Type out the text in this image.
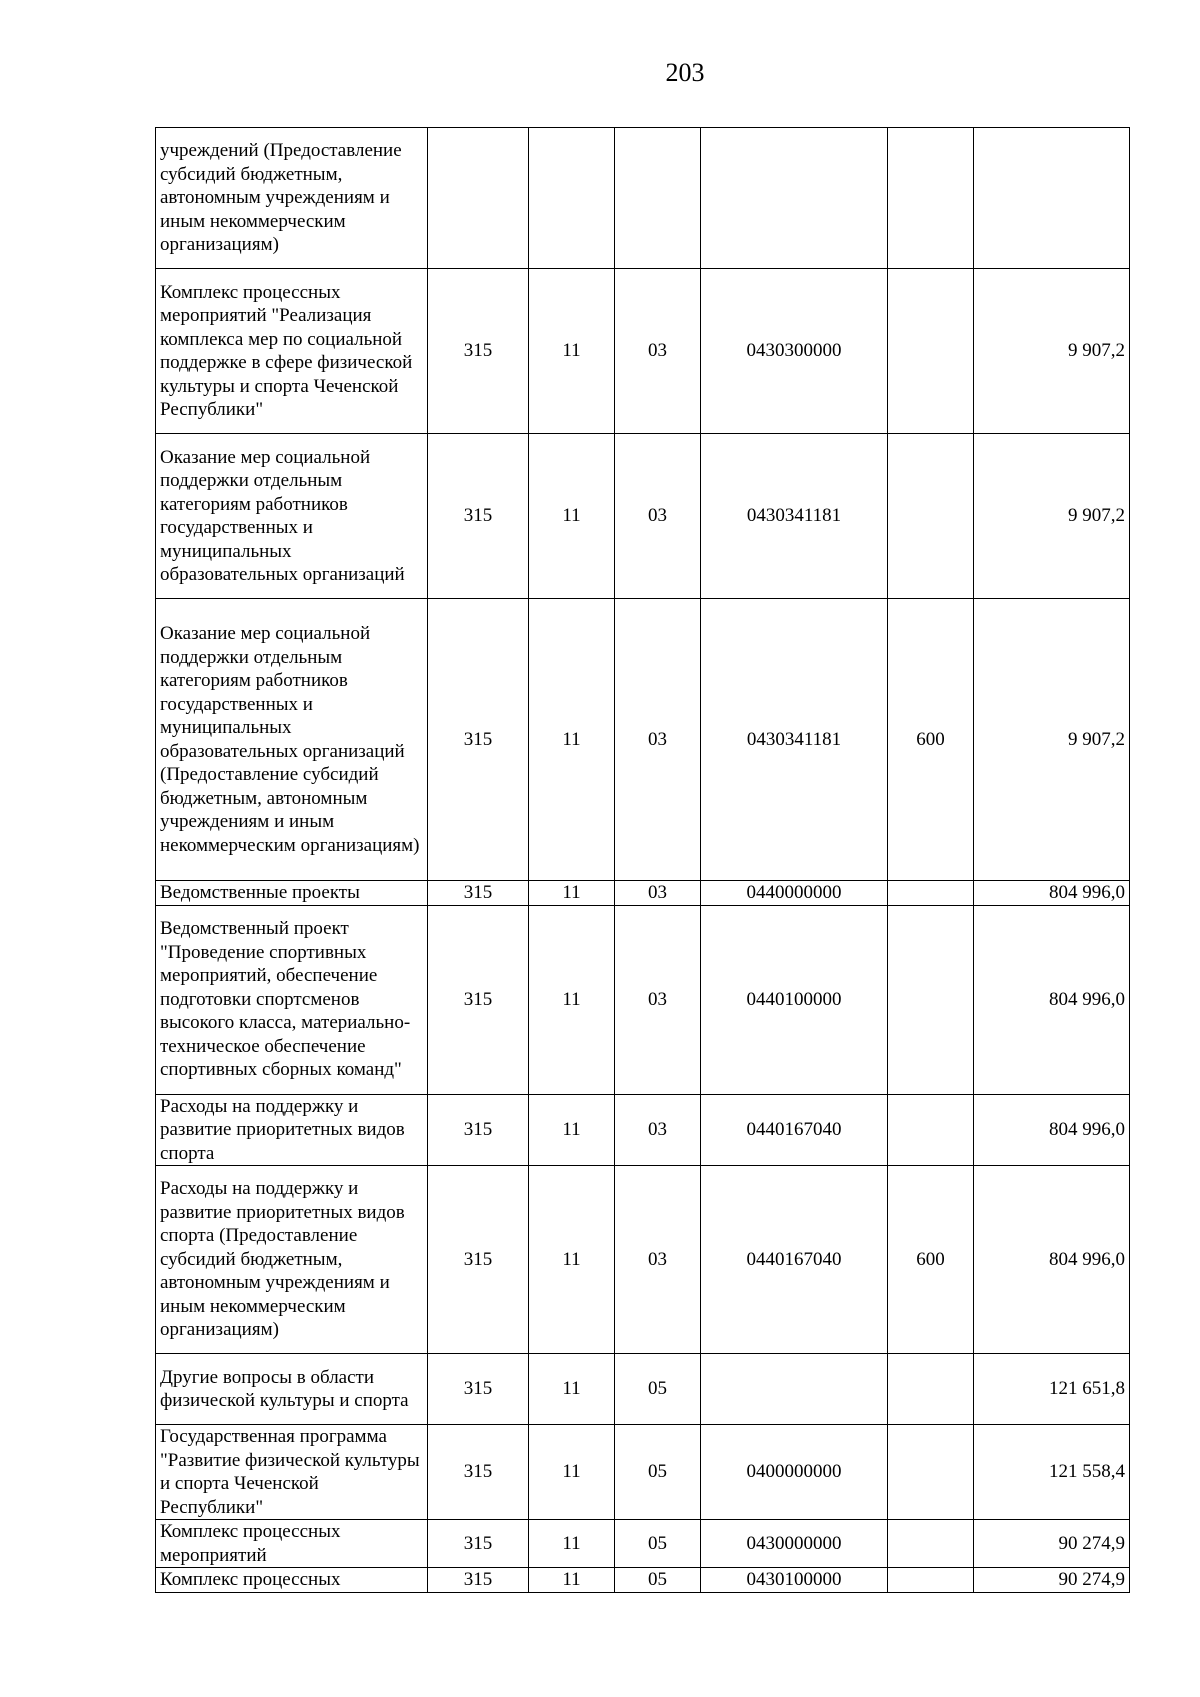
203
учреждений (Предоставление субсидий бюджетным, автономным учреждениям и иным некоммерческим организациям)						
Комплекс процессных мероприятий "Реализация комплекса мер по социальной поддержке в сфере физической культуры и спорта Чеченской Республики"	315	11	03	0430300000		9 907,2
Оказание мер социальной поддержки отдельным категориям работников государственных и муниципальных образовательных организаций	315	11	03	0430341181		9 907,2
Оказание мер социальной поддержки отдельным категориям работников государственных и муниципальных образовательных организаций (Предоставление субсидий бюджетным, автономным учреждениям и иным некоммерческим организациям)	315	11	03	0430341181	600	9 907,2
Ведомственные проекты	315	11	03	0440000000		804 996,0
Ведомственный проект "Проведение спортивных мероприятий, обеспечение подготовки спортсменов высокого класса, материально-техническое обеспечение спортивных сборных команд"	315	11	03	0440100000		804 996,0
Расходы на поддержку и развитие приоритетных видов спорта	315	11	03	0440167040		804 996,0
Расходы на поддержку и развитие приоритетных видов спорта (Предоставление субсидий бюджетным, автономным учреждениям и иным некоммерческим организациям)	315	11	03	0440167040	600	804 996,0
Другие вопросы в области физической культуры и спорта	315	11	05			121 651,8
Государственная программа "Развитие физической культуры и спорта Чеченской Республики"	315	11	05	0400000000		121 558,4
Комплекс процессных мероприятий	315	11	05	0430000000		90 274,9
Комплекс процессных	315	11	05	0430100000		90 274,9
